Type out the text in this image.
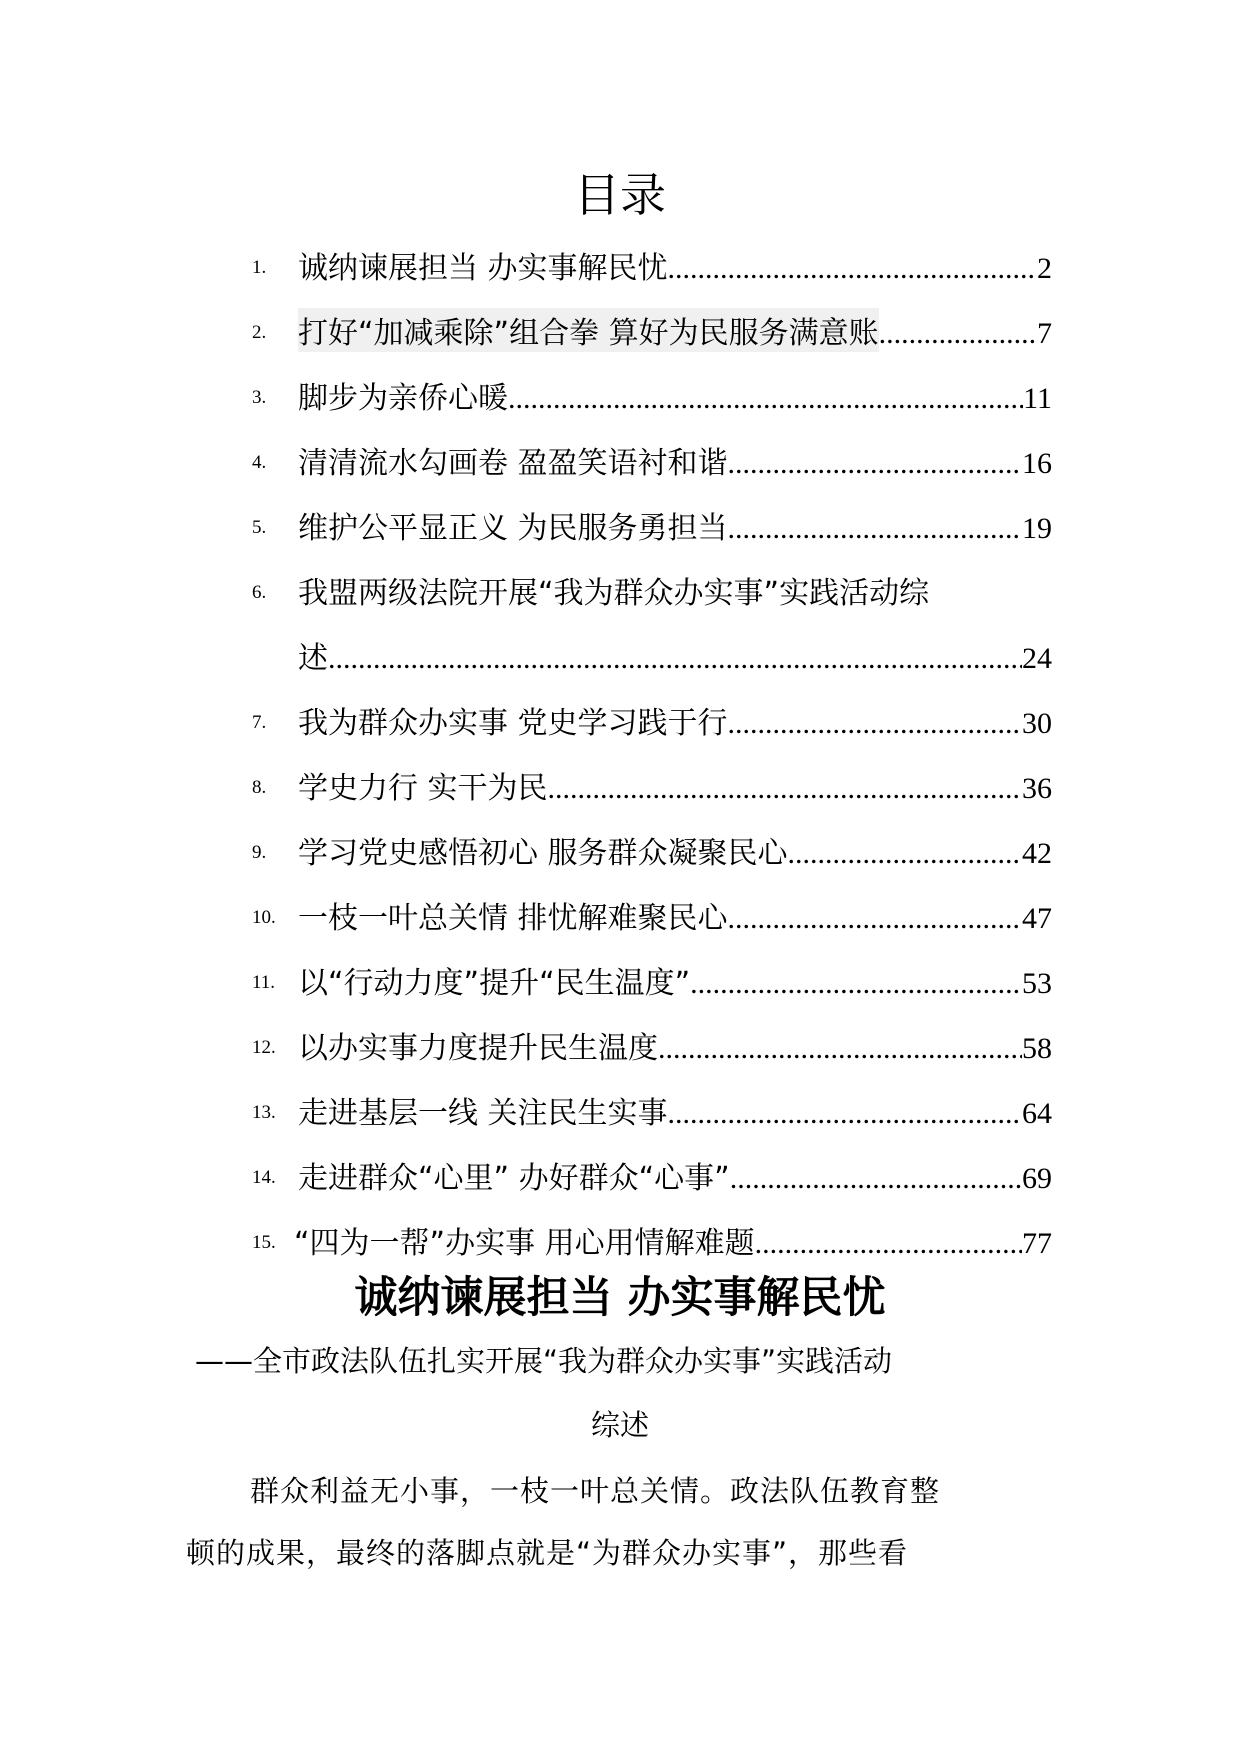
目录
1.	诚纳谏展担当 办实事解民忧 .....	2
2.	打好“加减乘除”组合拳 算好为民服务满意账 .....	7
3.	脚步为亲侨心暖 .....	11
4.	清清流水勾画卷 盈盈笑语衬和谐 .....	16
5.	维护公平显正义 为民服务勇担当 .....	19
6.	我盟两级法院开展“我为群众办实事”实践活动综
述 .....	24
7.	我为群众办实事 党史学习践于行 .....	30
8.	学史力行 实干为民 .....	36
9.	学习党史感悟初心 服务群众凝聚民心 .....	42
10. 一枝一叶总关情 排忧解难聚民心 .....	47
11. 以“行动力度”提升“民生温度” .....	53
12. 以办实事力度提升民生温度 .....	58
13. 走进基层一线 关注民生实事 .....	64
14. 走进群众“心里” 办好群众“心事” .....	69
15. “四为一帮”办实事 用心用情解难题 .....	77
诚纳谏展担当 办实事解民忧
——全市政法队伍扎实开展“我为群众办实事”实践活动
综述
群众利益无小事，一枝一叶总关情。政法队伍教育整
顿的成果，最终的落脚点就是“为群众办实事”，那些看
